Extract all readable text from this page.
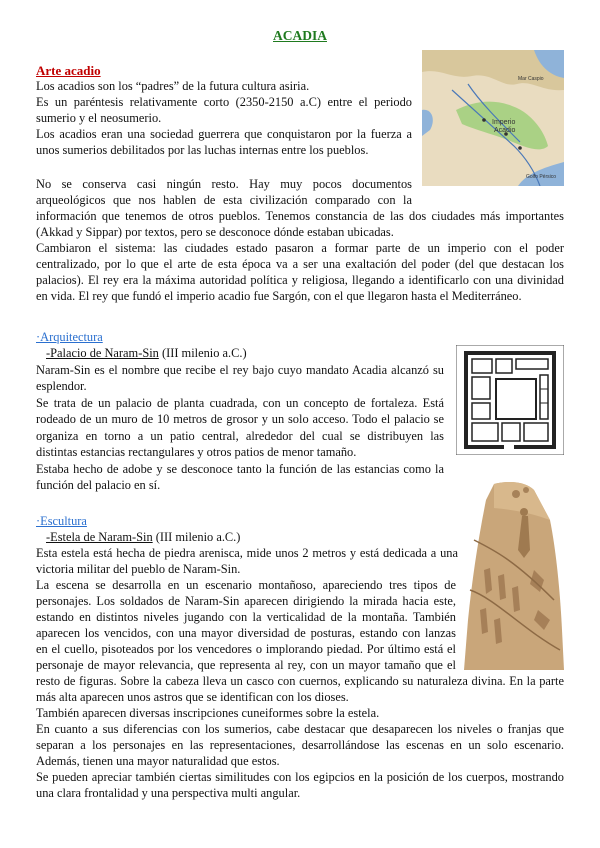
ACADIA
Arte acadio
Los acadios son los “padres” de la futura cultura asiria.
Es un paréntesis relativamente corto (2350-2150 a.C) entre el periodo
sumerio y el neosumerio.
Los acadios eran una sociedad guerrera que conquistaron por la fuerza a
unos sumerios debilitados por las luchas internas entre los pueblos.
No se conserva casi ningún resto. Hay muy pocos documentos
arqueológicos que nos hablen de esta civilización comparado con la
información que tenemos de otros pueblos. Tenemos constancia de las dos ciudades más importantes
(Akkad y Sippar) por textos, pero se desconoce dónde estaban ubicadas.
Cambiaron el sistema: las ciudades estado pasaron a formar parte de un imperio con el poder
centralizado, por lo que el arte de esta época va a ser una exaltación del poder (del que destacan los
palacios). El rey era la máxima autoridad política y religiosa, llegando a identificarlo con una divinidad
en vida. El rey que fundó el imperio acadio fue Sargón, con el que llegaron hasta el Mediterráneo.
Imperio
Acadio
Mar Caspio
Golfo Pérsico
·Arquitectura
-Palacio de Naram-Sin (III milenio a.C.)
Naram-Sin es el nombre que recibe el rey bajo cuyo mandato Acadia alcanzó su
esplendor.
Se trata de un palacio de planta cuadrada, con un concepto de fortaleza. Está
rodeado de un muro de 10 metros de grosor y un solo acceso. Todo el palacio se
organiza en torno a un patio central, alrededor del cual se distribuyen las
distintas estancias rectangulares y otros patios de menor tamaño.
Estaba hecho de adobe y se desconoce tanto la función de las estancias como la
función del palacio en sí.
·Escultura
-Estela de Naram-Sin (III milenio a.C.)
Esta estela está hecha de piedra arenisca, mide unos 2 metros y está dedicada a una
victoria militar del pueblo de Naram-Sin.
La escena se desarrolla en un escenario montañoso, apareciendo tres tipos de
personajes. Los soldados de Naram-Sin aparecen dirigiendo la mirada hacia este,
estando en distintos niveles jugando con la verticalidad de la montaña. También
aparecen los vencidos, con una mayor diversidad de posturas, estando con lanzas
en el cuello, pisoteados por los vencedores o implorando piedad. Por último está el
personaje de mayor relevancia, que representa al rey, con un mayor tamaño que el
resto de figuras. Sobre la cabeza lleva un casco con cuernos, explicando su naturaleza divina. En la parte
más alta aparecen unos astros que se identifican con los dioses.
También aparecen diversas inscripciones cuneiformes sobre la estela.
En cuanto a sus diferencias con los sumerios, cabe destacar que desaparecen los niveles o franjas que
separan a los personajes en las representaciones, desarrollándose las escenas en un solo escenario.
Además, tienen una mayor naturalidad que estos.
Se pueden apreciar también ciertas similitudes con los egipcios en la posición de los cuerpos, mostrando
una clara frontalidad y una perspectiva multi angular.
